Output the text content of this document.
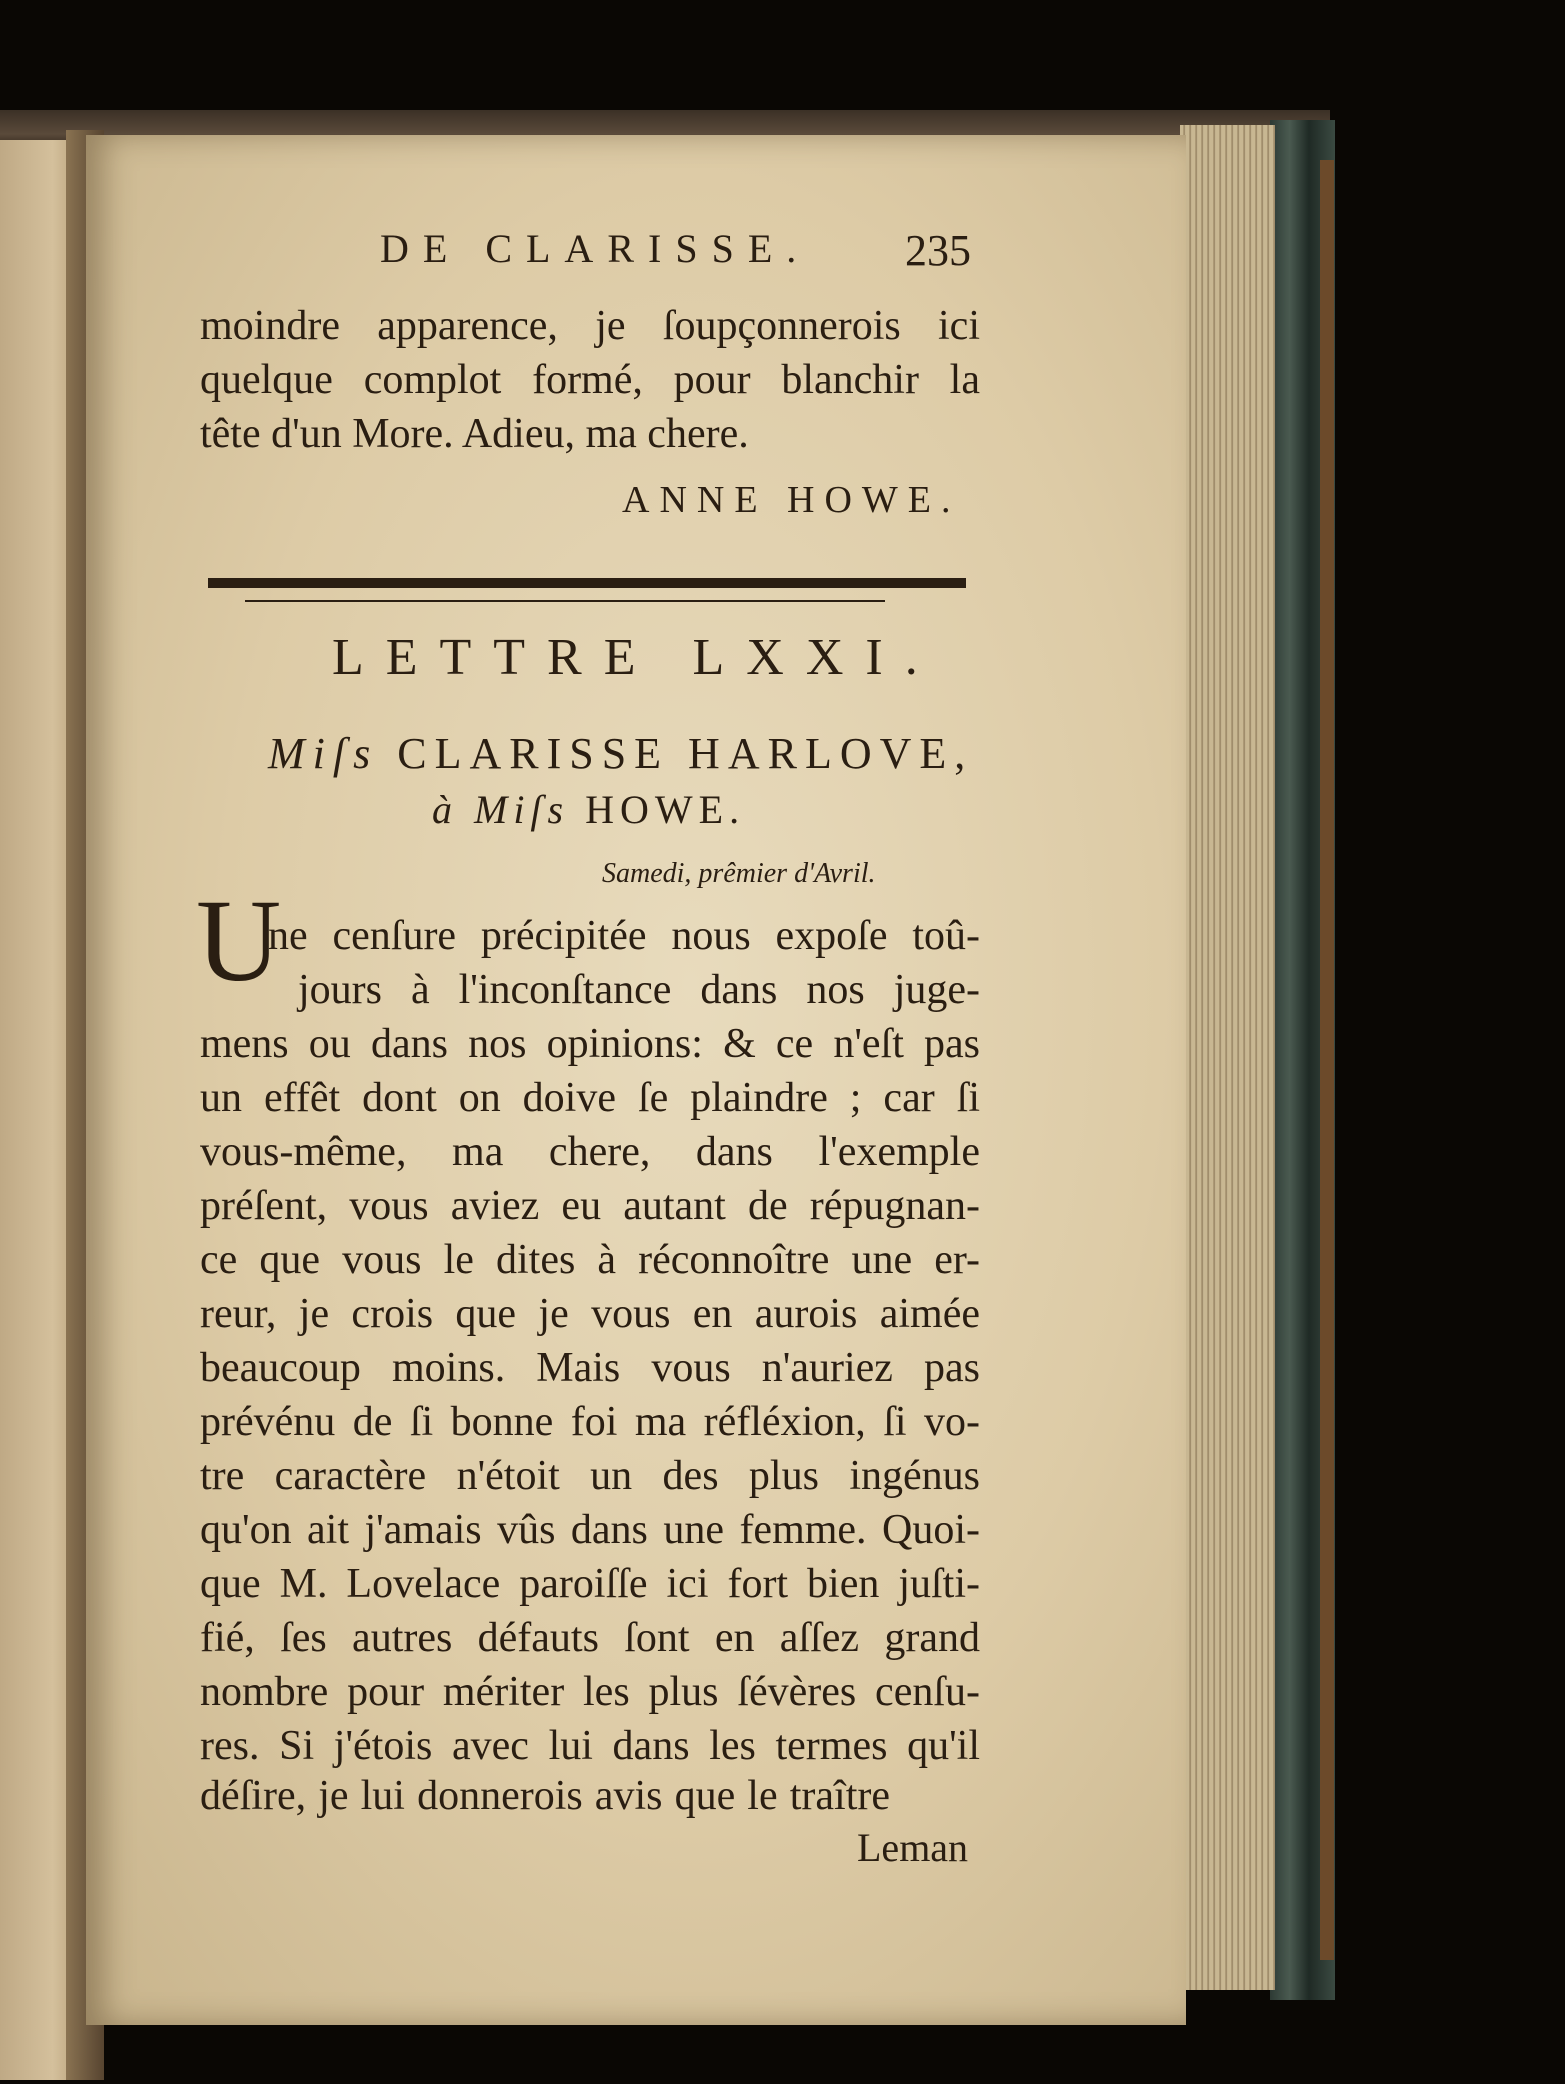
DE CLARISSE. 235
moindre apparence, je ſoupçonnerois ici
quelque complot formé, pour blanchir la
tête d'un More. Adieu, ma chere.
ANNE HOWE.
LETTRE LXXI.
Miſs CLARISSE HARLOVE,
à Miſs HOWE.
Samedi, prêmier d'Avril.
U
ne cenſure précipitée nous expoſe toû-
jours à l'inconſtance dans nos juge-
mens ou dans nos opinions: & ce n'eſt pas
un effêt dont on doive ſe plaindre ; car ſi
vous-même, ma chere, dans l'exemple
préſent, vous aviez eu autant de répugnan-
ce que vous le dites à réconnoître une er-
reur, je crois que je vous en aurois aimée
beaucoup moins. Mais vous n'auriez pas
prévénu de ſi bonne foi ma réfléxion, ſi vo-
tre caractère n'étoit un des plus ingénus
qu'on ait j'amais vûs dans une femme. Quoi-
que M. Lovelace paroiſſe ici fort bien juſti-
fié, ſes autres défauts ſont en aſſez grand
nombre pour mériter les plus ſévères cenſu-
res. Si j'étois avec lui dans les termes qu'il
déſire, je lui donnerois avis que le traître
Leman
